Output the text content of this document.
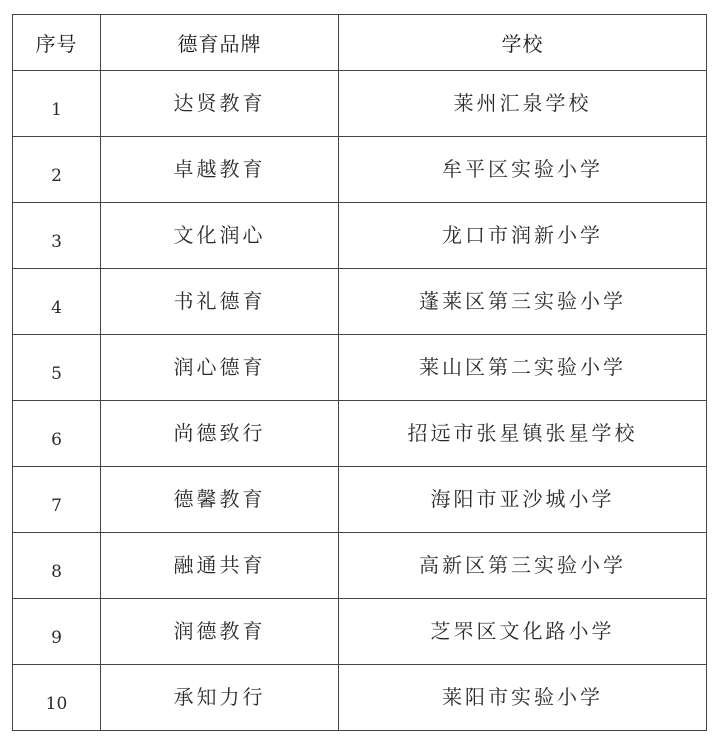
序号	德育品牌	学校
1	达贤教育	莱州汇泉学校
2	卓越教育	牟平区实验小学
3	文化润心	龙口市润新小学
4	书礼德育	蓬莱区第三实验小学
5	润心德育	莱山区第二实验小学
6	尚德致行	招远市张星镇张星学校
7	德馨教育	海阳市亚沙城小学
8	融通共育	高新区第三实验小学
9	润德教育	芝罘区文化路小学
10	承知力行	莱阳市实验小学
